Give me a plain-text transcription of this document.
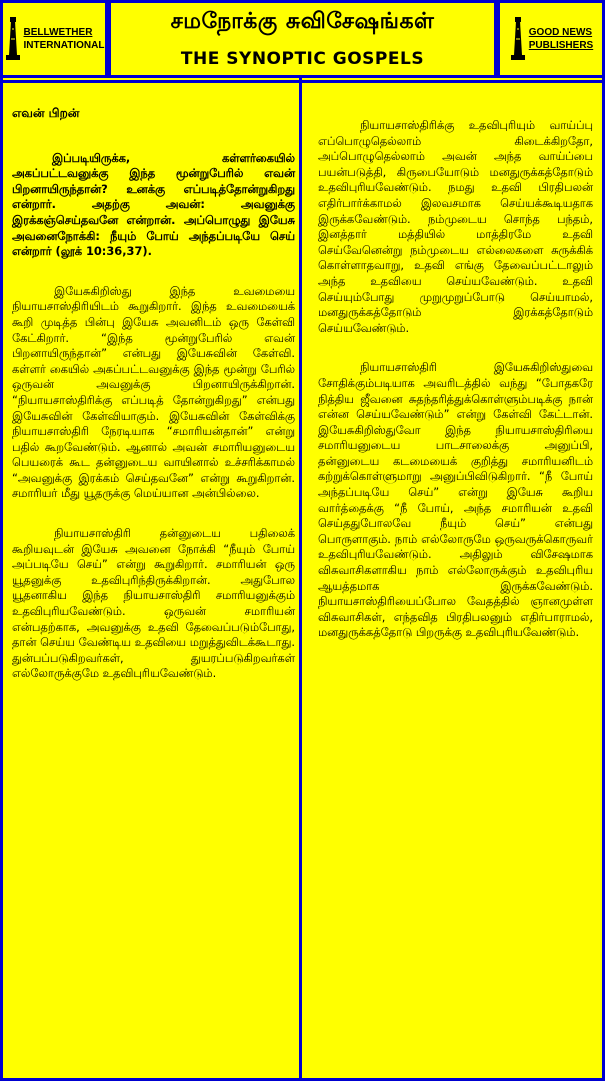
BELLWETHER
INTERNATIONAL
சமநோக்கு சுவிசேஷங்கள்
THE SYNOPTIC GOSPELS
GOOD NEWS
PUBLISHERS

எவன் பிறன்

இப்படியிருக்க, கள்ளர்கையில் அகப்பட்டவனுக்கு இந்த மூன்றுபேரில் எவன் பிறனாயிருந்தான்? உனக்கு எப்படித்தோன்றுகிறது என்றார். அதற்கு அவன்: அவனுக்கு இரக்கஞ்செய்தவனே என்றான். அப்பொழுது இயேசு அவனைநோக்கி: நீயும் போய் அந்தப்படியே செய் என்றார் (லூக் 10:36,37).

இயேசுகிறிஸ்து இந்த உவமையை நியாயசாஸ்திரியிடம் கூறுகிறார். இந்த உவமையைக் கூறி முடித்த பின்பு இயேசு அவனிடம் ஒரு கேள்வி கேட்கிறார். “இந்த மூன்றுபேரில் எவன் பிறனாயிருந்தான்” என்பது இயேசுவின் கேள்வி. கள்ளர் கையில் அகப்பட்டவனுக்கு இந்த மூன்று பேரில் ஒருவன் அவனுக்கு பிறனாயிருக்கிறான். “நியாயசாஸ்திரிக்கு எப்படித் தோன்றுகிறது” என்பது இயேசுவின் கேள்வியாகும். இயேசுவின் கேள்விக்கு நியாயசாஸ்திரி நேரடியாக “சமாரியன்தான்” என்று பதில் கூறவேண்டும். ஆனால் அவன் சமாரியனுடைய பெயரைக் கூட தன்னுடைய வாயினால் உச்சரிக்காமல் “அவனுக்கு இரக்கம் செய்தவனே” என்று கூறுகிறான். சமாரியர் மீது யூதருக்கு மெய்யான அன்பில்லை.

நியாயசாஸ்திரி தன்னுடைய பதிலைக் கூறியவுடன் இயேசு அவனை நோக்கி “நீயும் போய் அப்படியே செய்” என்று கூறுகிறார். சமாரியன் ஒரு யூதனுக்கு உதவிபுரிந்திருக்கிறான். அதுபோல யூதனாகிய இந்த நியாயசாஸ்திரி சமாரியனுக்கும் உதவிபுரியவேண்டும். ஒருவன் சமாரியன் என்பதற்காக, அவனுக்கு உதவி தேவைப்படும்போது, தான் செய்ய வேண்டிய உதவியை மறுத்துவிடக்கூடாது. துன்பப்படுகிறவர்கள், துயரப்படுகிறவர்கள் எல்லோருக்குமே உதவிபுரியவேண்டும்.

நியாயசாஸ்திரிக்கு உதவிபுரியும் வாய்ப்பு எப்பொழுதெல்லாம் கிடைக்கிறதோ, அப்பொழுதெல்லாம் அவன் அந்த வாய்ப்பை பயன்படுத்தி, கிருபையோடும் மனதுருக்கத்தோடும் உதவிபுரியவேண்டும். நமது உதவி பிரதிபலன் எதிர்பார்க்காமல் இலவசமாக செய்யக்கூடியதாக இருக்கவேண்டும். நம்முடைய சொந்த பந்தம், இனத்தார் மத்தியில் மாத்திரமே உதவி செய்வேனென்று நம்முடைய எல்லைகளை சுருக்கிக் கொள்ளாதவாறு, உதவி எங்கு தேவைப்பட்டாலும் அந்த உதவியை செய்யவேண்டும். உதவி செய்யும்போது முறுமுறுப்போடு செய்யாமல், மனதுருக்கத்தோடும் இரக்கத்தோடும் செய்யவேண்டும்.

நியாயசாஸ்திரி இயேசுகிறிஸ்துவை சோதிக்கும்படியாக அவரிடத்தில் வந்து “போதகரே நித்திய ஜீவனை சுதந்தரித்துக்கொள்ளும்படிக்கு நான் என்ன செய்யவேண்டும்” என்று கேள்வி கேட்டான். இயேசுகிறிஸ்துவோ இந்த நியாயசாஸ்திரியை சமாரியனுடைய பாடசாலைக்கு அனுப்பி, தன்னுடைய கடமையைக் குறித்து சமாரியனிடம் கற்றுக்கொள்ளுமாறு அனுப்பிவிடுகிறார். “நீ போய் அந்தப்படியே செய்” என்று இயேசு கூறிய வார்த்தைக்கு “நீ போய், அந்த சமாரியன் உதவி செய்ததுபோலவே நீயும் செய்” என்பது பொருளாகும். நாம் எல்லோருமே ஒருவருக்கொருவர் உதவிபுரியவேண்டும். அதிலும் விசேஷமாக விசுவாசிகளாகிய நாம் எல்லோருக்கும் உதவிபுரிய ஆயத்தமாக இருக்கவேண்டும். நியாயசாஸ்திரியைப்போல வேதத்தில் ஞானமுள்ள விசுவாசிகள், எந்தவித பிரதிபலனும் எதிர்பாராமல், மனதுருக்கத்தோடு பிறருக்கு உதவிபுரியவேண்டும்.
